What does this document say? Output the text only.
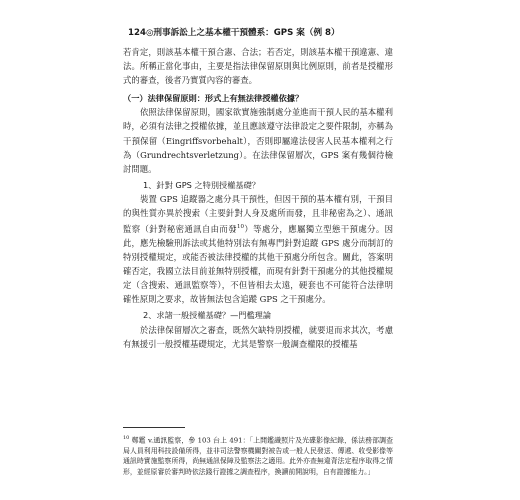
124◎刑事訴訟上之基本權干預體系：GPS 案（例 8）

若肯定，則該基本權干預合憲、合法；若否定，則該基本權干預違憲、違法。所稱正當化事由，主要是指法律保留原則與比例原則，前者是授權形式的審查，後者乃實質內容的審查。

（一）法律保留原則：形式上有無法律授權依據？

依照法律保留原則，國家欲實施強制處分並進而干預人民的基本權利時，必須有法律之授權依據，並且應該遵守法律設定之要件限制，亦稱為干預保留（Eingriffsvorbehalt），否則即屬違法侵害人民基本權利之行為（Grundrechtsverletzung）。在法律保留層次，GPS 案有幾個待檢討問題。

1、針對 GPS 之特別授權基礎？

裝置 GPS 追蹤器之處分具干預性，但因干預的基本權有別，干預目的與性質亦異於搜索（主要針對人身及處所而發，且非秘密為之）、通訊監察（針對秘密通訊自由而發$^{10}$）等處分，應屬獨立型態干預處分。因此，應先檢驗刑訴法或其他特別法有無專門針對追蹤 GPS 處分而制訂的特別授權規定，或能否被法律授權的其他干預處分所包含。關此，答案明確否定，我國立法目前並無特別授權，而現有針對干預處分的其他授權規定（含搜索、通訊監察等），不但皆相去太遠，硬套也不可能符合法律明確性原則之要求，故皆無法包含追蹤 GPS 之干預處分。

2、求諸一般授權基礎？—門檻理論

於法律保留層次之審查，既然欠缺特別授權，就要退而求其次，考慮有無援引一般授權基礎規定，尤其是警察一般調查權限的授權基

$^{10}$ 鄭鑑 v.通訊監察，參 103 台上 491：「上開鑑識照片及光碟影像紀錄，係法務部調查局人員利用科技設備所得，並非司法警察機關對被告或一般人民發送、傳遞、收受影像等通訊時實施監察所得，尚無通訊保障及監察法之適用。此外亦查無違背法定程序取得之情形，並經原審於審判時依法踐行證據之調查程序，換讀前開說明，自有證據能力。」
